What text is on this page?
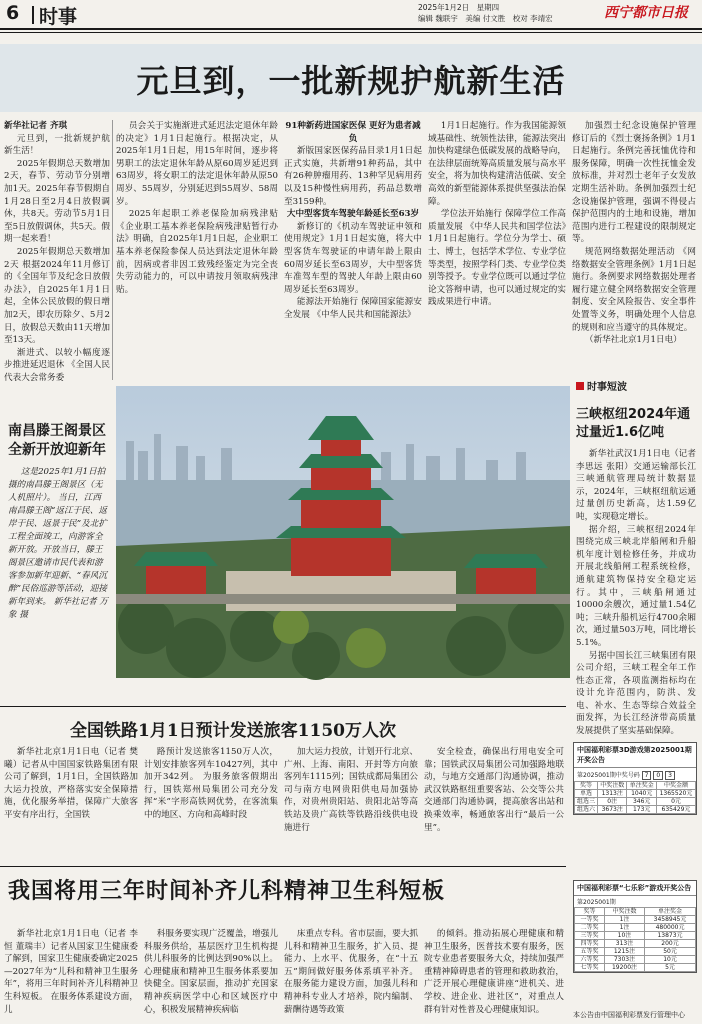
6 时事	2025年1月2日　星期四
编辑 魏联宇　美编 付文胜　校对 李靖宏	西宁都市日报
元旦到，一批新规护航新生活

新华社记者 齐琪

元旦到，一批新规护航新生活！

2025年假期总天数增加2天，春节、劳动节分别增加1天。2025年春节假期自1月28日至2月4日放假调休，共8天。劳动节5月1日至5日放假调休，共5天。假期一起来看！

2025年假期总天数增加2天 根据2024年11月修订的《全国年节及纪念日放假办法》，自2025年1月1日起，全体公民放假的假日增加2天，即农历除夕、5月2日，放假总天数由11天增加至13天。

渐进式、以较小幅度逐步推进延迟退休 《全国人民代表大会常务委

员会关于实施渐进式延迟法定退休年龄的决定》1月1日起施行。根据决定，从2025年1月1日起，用15年时间，逐步将男职工的法定退休年龄从原60周岁延迟到63周岁，将女职工的法定退休年龄从原50周岁、55周岁，分别延迟到55周岁、58周岁。

2025年起职工养老保险加病残津贴 《企业职工基本养老保险病残津贴暂行办法》明确，自2025年1月1日起，企业职工基本养老保险参保人员达到法定退休年龄前，因病或者非因工致残经鉴定为完全丧失劳动能力的，可以申请按月领取病残津贴。

91种新药进国家医保 更好为患者减负

新版国家医保药品目录1月1日起正式实施，共新增91种药品，其中有26种肿瘤用药、13种罕见病用药以及15种慢性病用药，药品总数增至3159种。

大中型客货车驾驶年龄延长至63岁

新修订的《机动车驾驶证申领和使用规定》1月1日起实施，将大中型客货车驾驶证的申请年龄上限由60周岁延长至63周岁，大中型客货车准驾车型的驾驶人年龄上限由60周岁延长至63周岁。

能源法开始施行 保障国家能源安全发展 《中华人民共和国能源法》

1月1日起施行。作为我国能源领域基础性、统领性法律，能源法突出加快构建绿色低碳发展的战略导向，在法律层面统筹高质量发展与高水平安全，将为加快构建清洁低碳、安全高效的新型能源体系提供坚强法治保障。

学位法开始施行 保障学位工作高质量发展 《中华人民共和国学位法》1月1日起施行。学位分为学士、硕士、博士，包括学术学位、专业学位等类型，按照学科门类、专业学位类别等授予。专业学位既可以通过学位论文答辩申请，也可以通过规定的实践成果进行申请。

加强烈士纪念设施保护管理 修订后的《烈士褒扬条例》1月1日起施行。条例完善抚恤优待和服务保障，明确一次性抚恤金发放标准，并对烈士老年子女发放定期生活补助。条例加强烈士纪念设施保护管理，强调不得侵占保护范围内的土地和设施，增加范围内进行工程建设的限制规定等。

规范网络数据处理活动 《网络数据安全管理条例》1月1日起施行。条例要求网络数据处理者履行建立健全网络数据安全管理制度、安全风险报告、安全事件处置等义务，明确处理个人信息的规则和应当遵守的具体规定。

（新华社北京1月1日电）

南昌滕王阁景区全新开放迎新年

这是2025年1月1日拍摄的南昌滕王阁景区（无人机照片）。 当日，江西南昌滕王阁“返江于民、返岸于民、返景于民”及北扩工程全面竣工，向游客全新开放。开放当日，滕王阁景区邀请市民代表和游客参加新年迎新、“春风沉醉”民俗巡游等活动，迎接新年到来。 新华社记者 万象 摄

时事短波
三峡枢纽2024年通过量近1.6亿吨

新华社武汉1月1日电（记者 李思远 张阳）交通运输部长江三峡通航管理局统计数据显示，2024年，三峡枢纽航运通过量创历史新高，达1.59亿吨，实现稳定增长。

据介绍，三峡枢纽2024年围绕完成三峡北岸船闸和升船机年度计划检修任务，并成功开展北线船闸工程系统检修，通航建筑物保持安全稳定运行。其中，三峡船闸通过10000余艘次，通过量1.54亿吨；三峡升船机运行4700余厢次，通过量503万吨，同比增长5.1%。

另据中国长江三峡集团有限公司介绍，三峡工程全年工作性态正常，各项监测指标均在设计允许范围内，防洪、发电、补水、生态等综合效益全面发挥，为长江经济带高质量发展提供了坚实基础保障。

全国铁路1月1日预计发送旅客1150万人次

新华社北京1月1日电（记者 樊曦）记者从中国国家铁路集团有限公司了解到，1月1日，全国铁路加大运力投放，严格落实安全保障措施，优化服务举措，保障广大旅客平安有序出行，全国铁

路预计发送旅客1150万人次，计划安排旅客列车10427列，其中加开342列。 为服务旅客假期出行，国铁郑州局集团公司充分发挥“米”字形高铁网优势，在客流集中的地区、方向和高峰时段

加大运力投放，计划开行北京、广州、上海、南阳、开封等方向旅客列车1115列；国铁成都局集团公司与南方电网贵阳供电局加强协作，对贵州贵阳站、贵阳北站等高铁站及贵广高铁等铁路沿线供电设施进行

安全检查，确保出行用电安全可靠；国铁武汉局集团公司加强路地联动，与地方交通部门沟通协调，推动武汉铁路枢纽重要客站、公交等公共交通部门沟通协调，提高旅客出站和换乘效率，畅通旅客出行“最后一公里”。

我国将用三年时间补齐儿科精神卫生科短板

新华社北京1月1日电（记者 李恒 董瑞丰）记者从国家卫生健康委了解到，国家卫生健康委确定2025—2027年为“儿科和精神卫生服务年”，将用三年时间补齐儿科精神卫生科短板。 在服务体系建设方面，儿

科服务要实现广泛覆盖，增强儿科服务供给，基层医疗卫生机构提供儿科服务的比例达到90%以上。心理健康和精神卫生服务体系要加快健全。国家层面，推动扩充国家精神疾病医学中心和区域医疗中心，积极发展精神疾病临

床重点专科。省市层面，要大抓儿科和精神卫生服务，扩入员、提能力、上水平、优服务，在“十五五”期间做好服务体系填平补齐。 在服务能力建设方面，加强儿科和精神科专业人才培养，院内编制、薪酬待遇等政策

的倾斜。推动拓展心理健康和精神卫生服务，医普技术要有服务，医院专业患者要服务大众，持续加强严重精神障碍患者的管理和救助救治，广泛开展心理健康讲座“进机关、进学校、进企业、进社区”，对重点人群有针对性普及心理健康知识。

中国福利彩票3D游戏第2025001期开奖公告
第2025001期中奖号码 7 0 3
奖等	中奖注数	单注奖金	中奖金额
单选	1313注	1040元	1365520元
组选三	0注	346元	0元
组选六	3673注	173元	635429元
中国福利彩票“七乐彩”游戏开奖公告
第2025001期
奖等	中奖注数	单注奖金
一等奖	1注	3458945元
二等奖	1注	480000元
三等奖	10注	13873元
四等奖	313注	200元
五等奖	1215注	50元
六等奖	7303注	10元
七等奖	19200注	5元
本公告由中国福利彩票发行管理中心
